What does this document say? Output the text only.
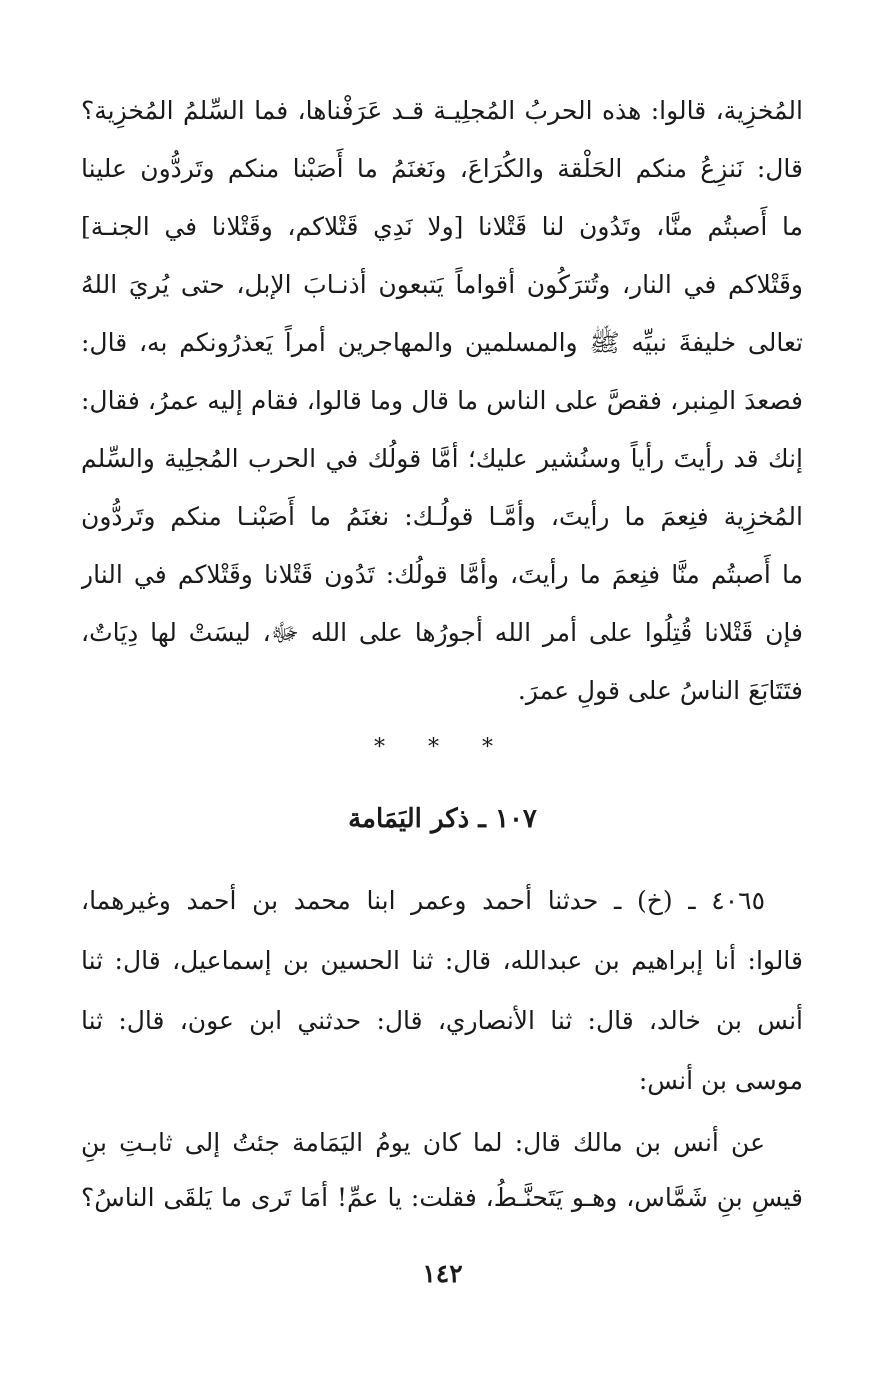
المُخزِية، قالوا: هذه الحربُ المُجلِيـة قـد عَرَفْناها، فما السِّلمُ المُخزِية؟
قال: نَنزِعُ منكم الحَلْقة والكُرَاعَ، ونَغنَمُ ما أَصَبْنا منكم وتَردُّون علينا
ما أَصبتُم منَّا، وتَدُون لنا قَتْلانا [ولا نَدِي قَتْلاكم، وقَتْلانا في الجنـة]
وقَتْلاكم في النار، وتُترَكُون أقواماً يَتبعون أذنـابَ الإبل، حتى يُريَ اللهُ
تعالى خليفةَ نبيِّه ﷺ والمسلمين والمهاجرين أمراً يَعذرُونكم به، قال:
فصعدَ المِنبر، فقصَّ على الناس ما قال وما قالوا، فقام إليه عمرُ، فقال:
إنك قد رأيتَ رأياً وسنُشير عليك؛ أمَّا قولُك في الحرب المُجلِية والسِّلم
المُخزِية فنِعمَ ما رأيتَ، وأمَّـا قولُـك: نغنَمُ ما أَصَبْنـا منكم وتَردُّون
ما أَصبتُم منَّا فنِعمَ ما رأيتَ، وأمَّا قولُك: تَدُون قَتْلانا وقَتْلاكم في النار
فإن قَتْلانا قُتِلُوا على أمر الله أجورُها على الله ﷻ، ليسَتْ لها دِيَاتٌ،
فتَتَابَعَ الناسُ على قولِ عمرَ.
* * *
١٠٧ ـ ذكر اليَمَامة
٤٠٦٥ ـ (خ) ـ حدثنا أحمد وعمر ابنا محمد بن أحمد وغيرهما،
قالوا: أنا إبراهيم بن عبدالله، قال: ثنا الحسين بن إسماعيل، قال: ثنا
أنس بن خالد، قال: ثنا الأنصاري، قال: حدثني ابن عون، قال: ثنا
موسى بن أنس:
عن أنس بن مالك قال: لما كان يومُ اليَمَامة جئتُ إلى ثابـتِ بنِ
قيسِ بنِ شَمَّاس، وهـو يَتَحنَّـطُ، فقلت: يا عمِّ! أمَا تَرى ما يَلقَى الناسُ؟
١٤٢
